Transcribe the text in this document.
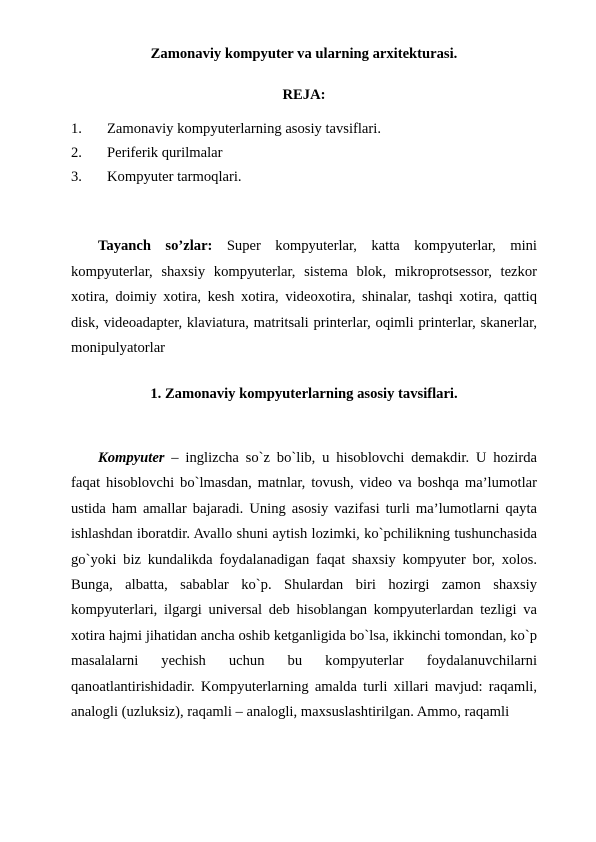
Zamonaviy kompyuter va ularning arxitekturasi.
REJA:
1. Zamonaviy kompyuterlarning asosiy tavsiflari.
2. Periferik qurilmalar
3. Kompyuter tarmoqlari.

Tayanch so’zlar: Super kompyuterlar, katta kompyuterlar, mini kompyuterlar, shaxsiy kompyuterlar, sistema blok, mikroprotsessor, tezkor xotira, doimiy xotira, kesh xotira, videoxotira, shinalar, tashqi xotira, qattiq disk, videoadapter, klaviatura, matritsali printerlar, oqimli printerlar, skanerlar, monipulyatorlar

1. Zamonaviy kompyuterlarning asosiy tavsiflari.

Kompyuter – inglizcha so`z bo`lib, u hisoblovchi demakdir. U hozirda faqat hisoblovchi bo`lmasdan, matnlar, tovush, video va boshqa ma’lumotlar ustida ham amallar bajaradi. Uning asosiy vazifasi turli ma’lumotlarni qayta ishlashdan iboratdir. Avallo shuni aytish lozimki, ko`pchilikning tushunchasida go`yoki biz kundalikda foydalanadigan faqat shaxsiy kompyuter bor, xolos. Bunga, albatta, sabablar ko`p. Shulardan biri hozirgi zamon shaxsiy kompyuterlari, ilgargi universal deb hisoblangan kompyuterlardan tezligi va xotira hajmi jihatidan ancha oshib ketganligida bo`lsa, ikkinchi tomondan, ko`p masalalarni yechish uchun bu kompyuterlar foydalanuvchilarni qanoatlantirishidadir. Kompyuterlarning amalda turli xillari mavjud: raqamli, analogli (uzluksiz), raqamli – analogli, maxsuslashtirilgan. Ammo, raqamli
